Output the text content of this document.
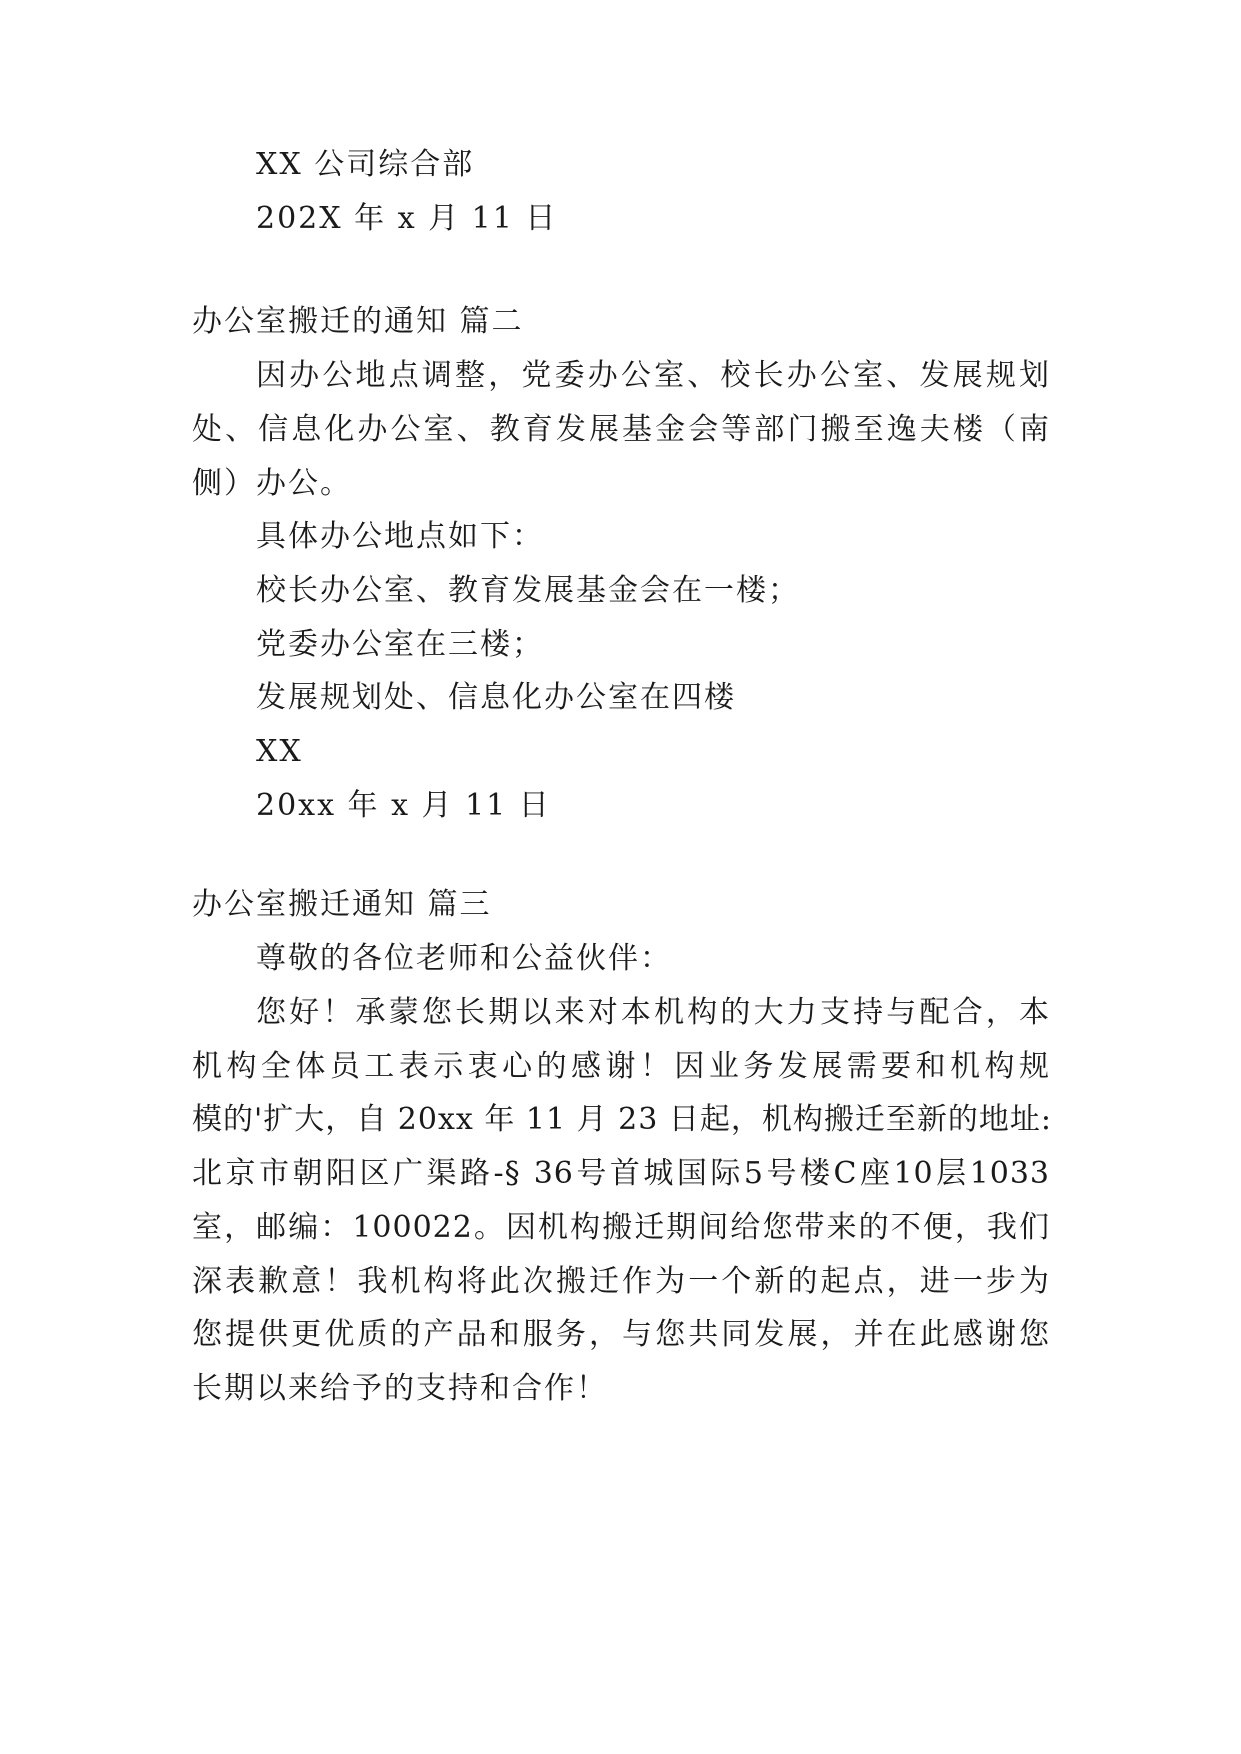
XX 公司综合部
202X 年 x 月 11 日
办公室搬迁的通知 篇二
因办公地点调整，党委办公室、校长办公室、发展规划
处、信息化办公室、教育发展基金会等部门搬至逸夫楼（南
侧）办公。
具体办公地点如下：
校长办公室、教育发展基金会在一楼；
党委办公室在三楼；
发展规划处、信息化办公室在四楼
XX
20xx 年 x 月 11 日
办公室搬迁通知 篇三
尊敬的各位老师和公益伙伴：
您好！承蒙您长期以来对本机构的大力支持与配合，本
机构全体员工表示衷心的感谢！因业务发展需要和机构规
模的'扩大，自 20xx 年 11 月 23 日起，机构搬迁至新的地址:
北京市朝阳区广渠路-§ 36号首城国际5号楼C座10层1033
室，邮编：100022。因机构搬迁期间给您带来的不便，我们
深表歉意！我机构将此次搬迁作为一个新的起点，进一步为
您提供更优质的产品和服务，与您共同发展，并在此感谢您
长期以来给予的支持和合作！
